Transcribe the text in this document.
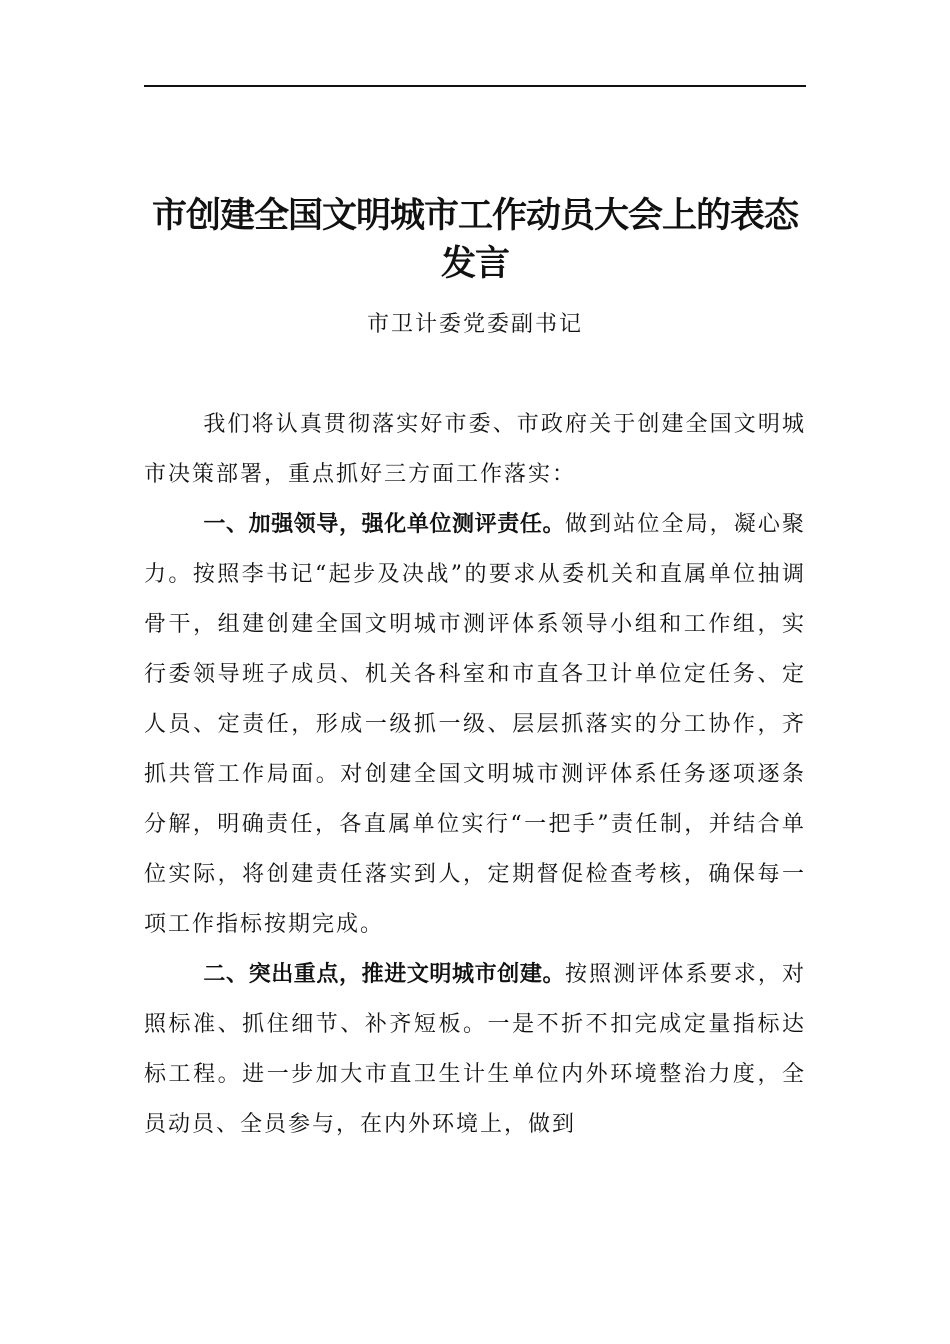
市创建全国文明城市工作动员大会上的表态发言
市卫计委党委副书记

我们将认真贯彻落实好市委、市政府关于创建全国文明城市决策部署，重点抓好三方面工作落实：

一、加强领导，强化单位测评责任。做到站位全局，凝心聚力。按照李书记“起步及决战”的要求从委机关和直属单位抽调骨干，组建创建全国文明城市测评体系领导小组和工作组，实行委领导班子成员、机关各科室和市直各卫计单位定任务、定人员、定责任，形成一级抓一级、层层抓落实的分工协作，齐抓共管工作局面。对创建全国文明城市测评体系任务逐项逐条分解，明确责任，各直属单位实行“一把手”责任制，并结合单位实际，将创建责任落实到人，定期督促检查考核，确保每一项工作指标按期完成。

二、突出重点，推进文明城市创建。按照测评体系要求，对照标准、抓住细节、补齐短板。一是不折不扣完成定量指标达标工程。进一步加大市直卫生计生单位内外环境整治力度，全员动员、全员参与，在内外环境上，做到
